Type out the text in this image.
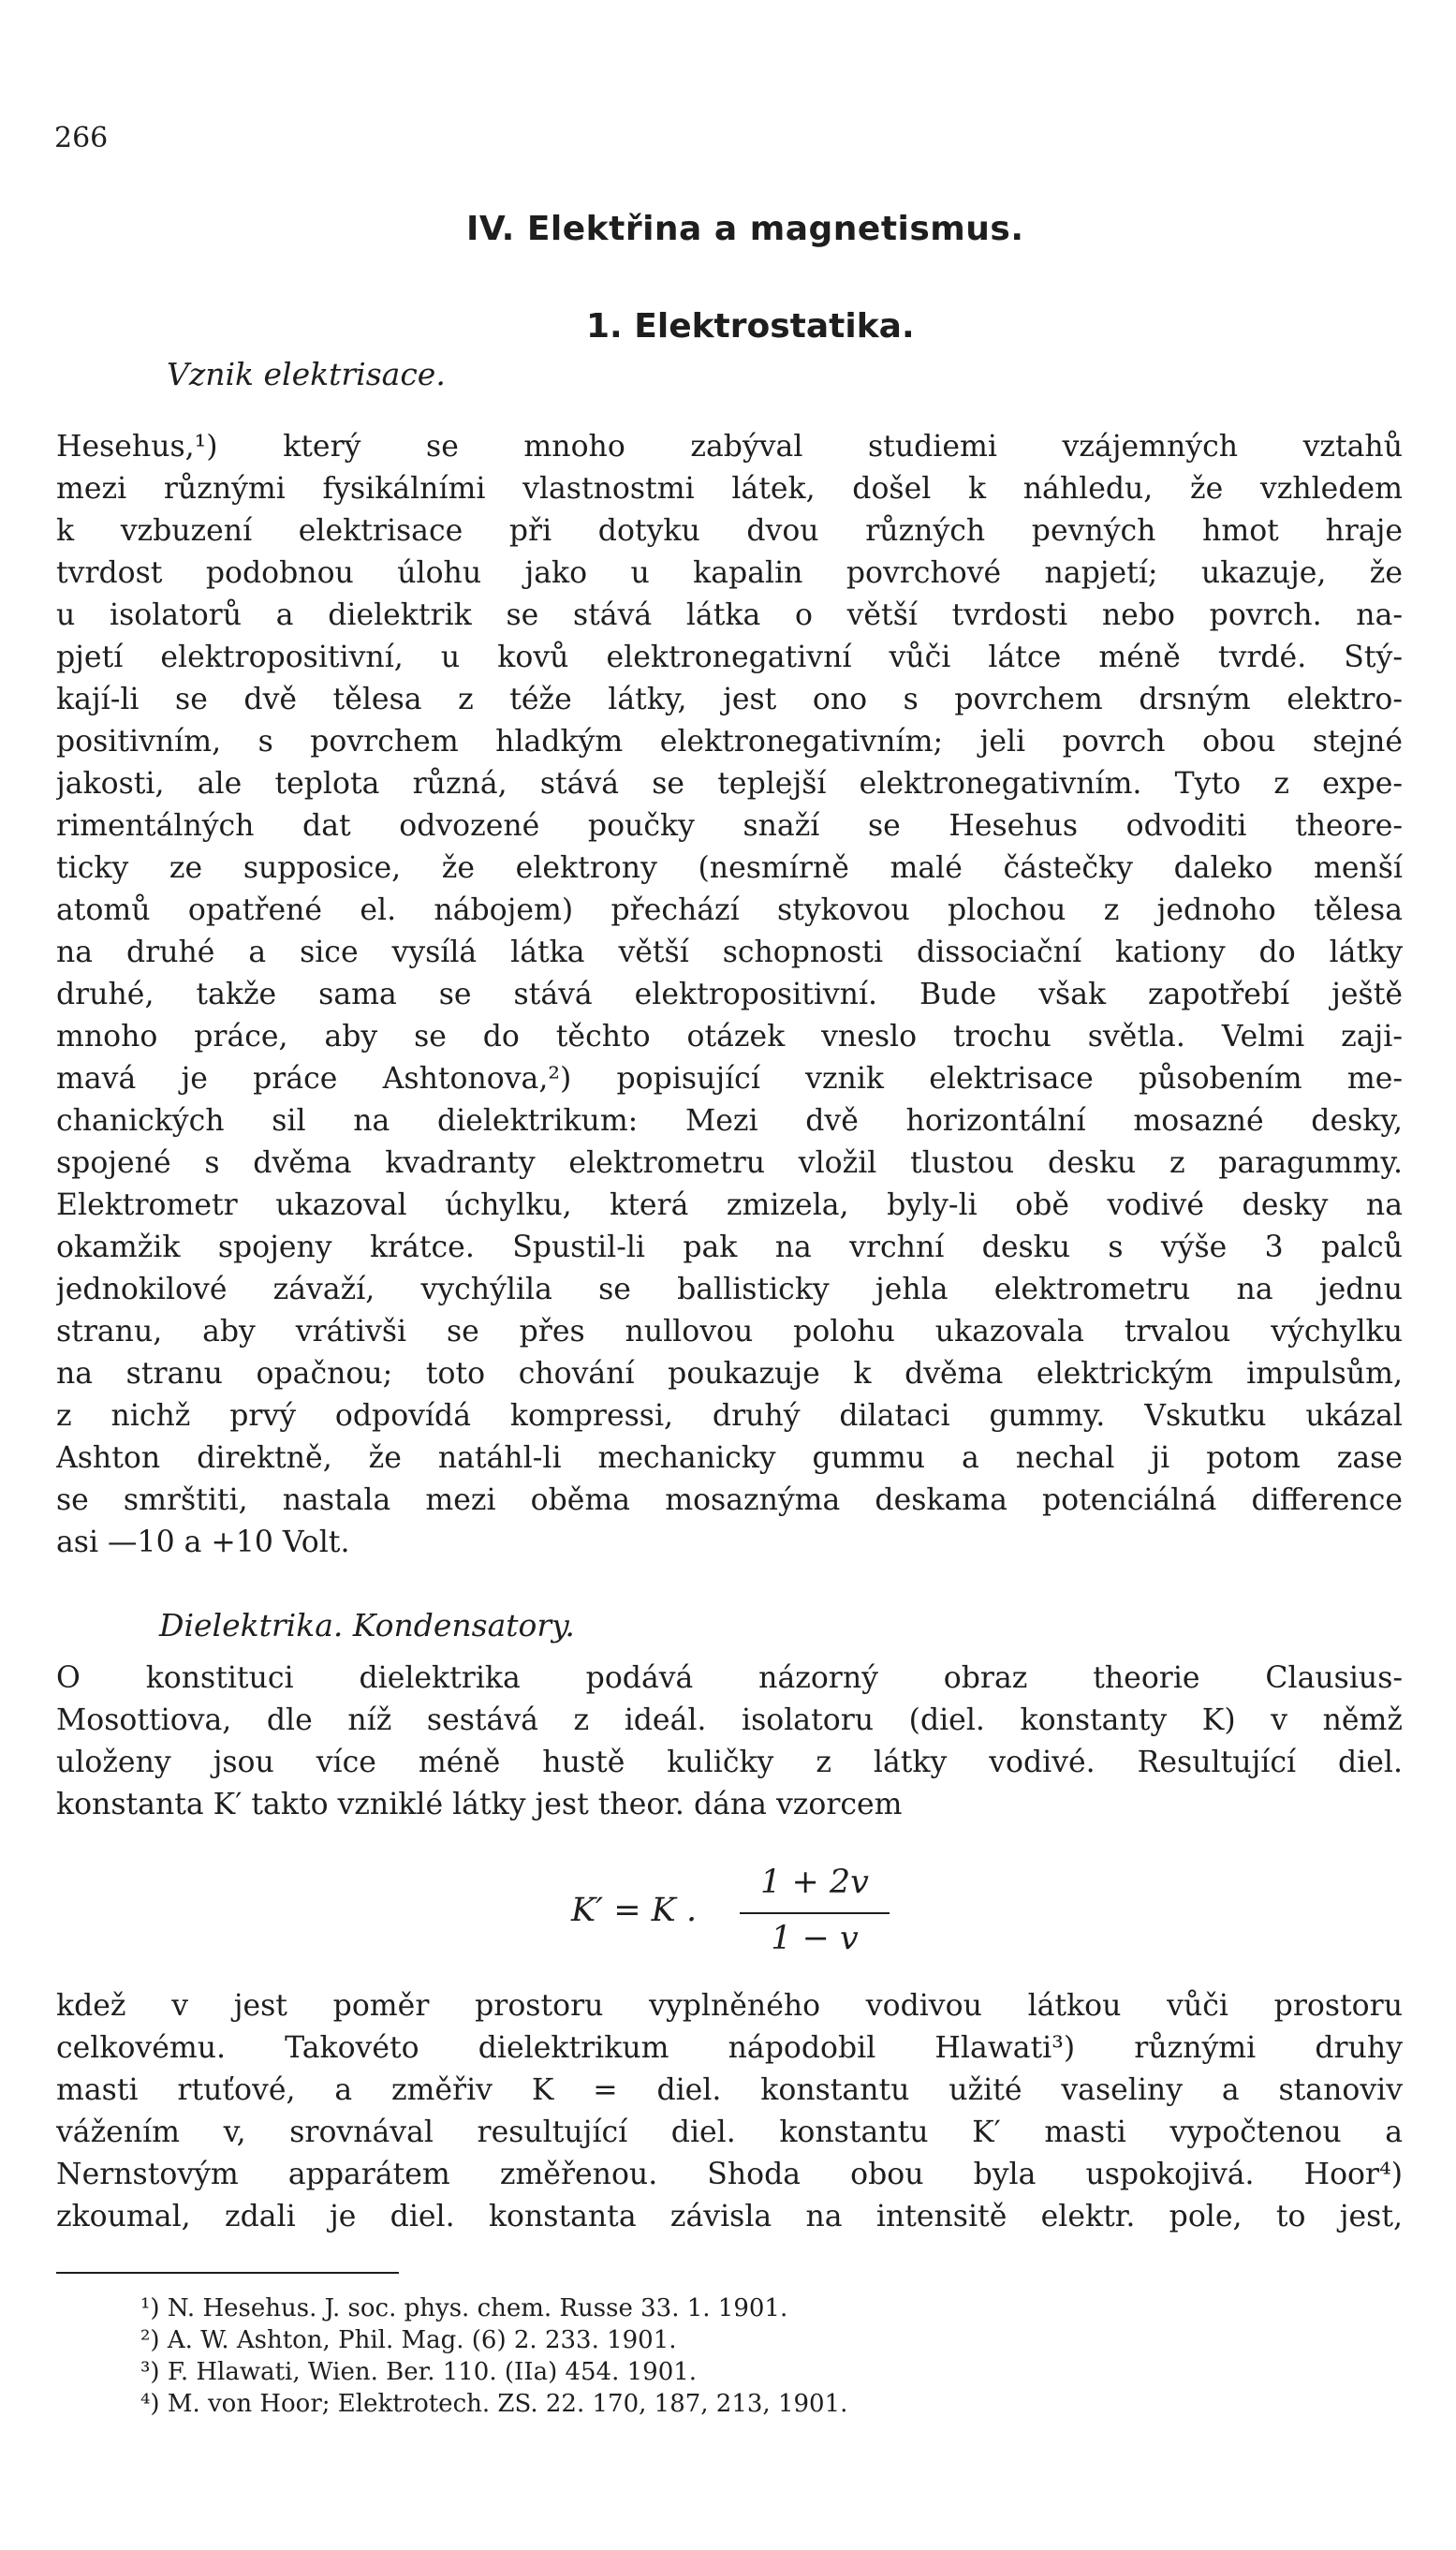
266
IV. Elektřina a magnetismus.
1. Elektrostatika.
Vznik elektrisace.
Hesehus,¹) který se mnoho zabýval studiemi vzájemných vztahů
mezi různými fysikálními vlastnostmi látek, došel k náhledu, že vzhledem
k vzbuzení elektrisace při dotyku dvou různých pevných hmot hraje
tvrdost podobnou úlohu jako u kapalin povrchové napjetí; ukazuje, že
u isolatorů a dielektrik se stává látka o větší tvrdosti nebo povrch. na-
pjetí elektropositivní, u kovů elektronegativní vůči látce méně tvrdé. Stý-
kají-li se dvě tělesa z téže látky, jest ono s povrchem drsným elektro-
positivním, s povrchem hladkým elektronegativním; jeli povrch obou stejné
jakosti, ale teplota různá, stává se teplejší elektronegativním. Tyto z expe-
rimentálných dat odvozené poučky snaží se Hesehus odvoditi theore-
ticky ze supposice, že elektrony (nesmírně malé částečky daleko menší
atomů opatřené el. nábojem) přechází stykovou plochou z jednoho tělesa
na druhé a sice vysílá látka větší schopnosti dissociační kationy do látky
druhé, takže sama se stává elektropositivní. Bude však zapotřebí ještě
mnoho práce, aby se do těchto otázek vneslo trochu světla. Velmi zaji-
mavá je práce Ashtonova,²) popisující vznik elektrisace působením me-
chanických sil na dielektrikum: Mezi dvě horizontální mosazné desky,
spojené s dvěma kvadranty elektrometru vložil tlustou desku z paragummy.
Elektrometr ukazoval úchylku, která zmizela, byly-li obě vodivé desky na
okamžik spojeny krátce. Spustil-li pak na vrchní desku s výše 3 palců
jednokilové závaží, vychýlila se ballisticky jehla elektrometru na jednu
stranu, aby vrátivši se přes nullovou polohu ukazovala trvalou výchylku
na stranu opačnou; toto chování poukazuje k dvěma elektrickým impulsům,
z nichž prvý odpovídá kompressi, druhý dilataci gummy. Vskutku ukázal
Ashton direktně, že natáhl-li mechanicky gummu a nechal ji potom zase
se smrštiti, nastala mezi oběma mosaznýma deskama potenciálná difference
asi —10 a +10 Volt.
Dielektrika. Kondensatory.
O konstituci dielektrika podává názorný obraz theorie Clausius-
Mosottiova, dle níž sestává z ideál. isolatoru (diel. konstanty K) v němž
uloženy jsou více méně hustě kuličky z látky vodivé. Resultující diel.
konstanta K′ takto vzniklé látky jest theor. dána vzorcem
K′ = K .
1 + 2v
1 − v
kdež v jest poměr prostoru vyplněného vodivou látkou vůči prostoru
celkovému. Takovéto dielektrikum nápodobil Hlawati³) různými druhy
masti rtuťové, a změřiv K = diel. konstantu užité vaseliny a stanoviv
vážením v, srovnával resultující diel. konstantu K′ masti vypočtenou a
Nernstovým apparátem změřenou. Shoda obou byla uspokojivá. Hoor⁴)
zkoumal, zdali je diel. konstanta závisla na intensitě elektr. pole, to jest,
¹) N. Hesehus. J. soc. phys. chem. Russe 33. 1. 1901.
²) A. W. Ashton, Phil. Mag. (6) 2. 233. 1901.
³) F. Hlawati, Wien. Ber. 110. (IIa) 454. 1901.
⁴) M. von Hoor; Elektrotech. ZS. 22. 170, 187, 213, 1901.
